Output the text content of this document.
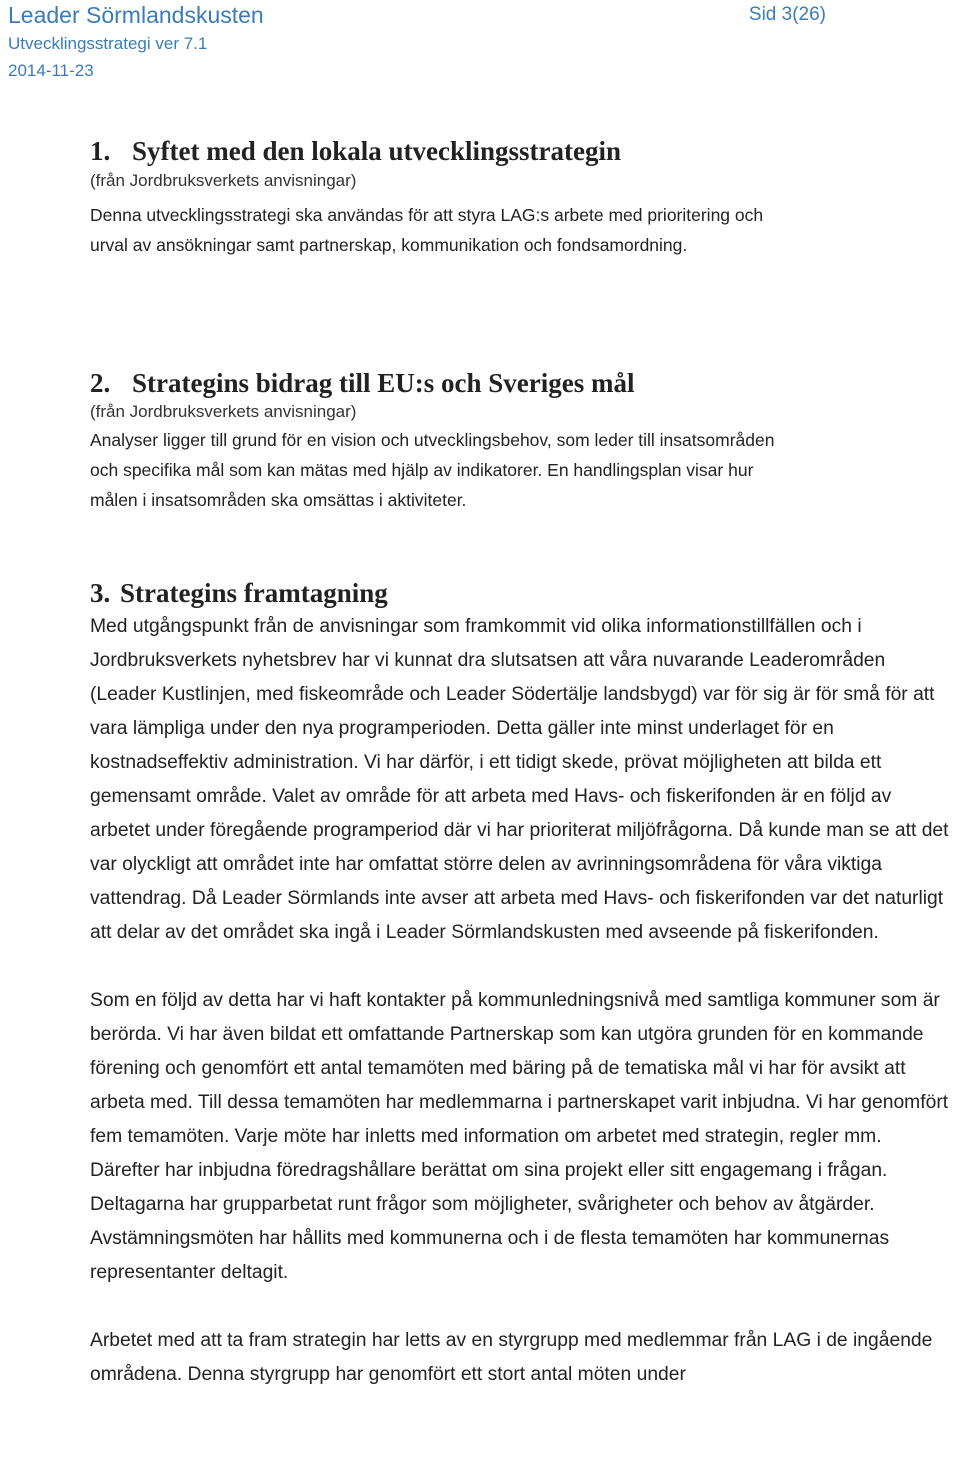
Leader Sörmlandskusten
Utvecklingsstrategi ver 7.1
2014-11-23
Sid 3(26)
1. Syftet med den lokala utvecklingsstrategin
(från Jordbruksverkets anvisningar)
Denna utvecklingsstrategi ska användas för att styra LAG:s arbete med prioritering och urval av ansökningar samt partnerskap, kommunikation och fondsamordning.
2. Strategins bidrag till EU:s och Sveriges mål
(från Jordbruksverkets anvisningar)
Analyser ligger till grund för en vision och utvecklingsbehov, som leder till insatsområden och specifika mål som kan mätas med hjälp av indikatorer. En handlingsplan visar hur målen i insatsområden ska omsättas i aktiviteter.
3. Strategins framtagning

Med utgångspunkt från de anvisningar som framkommit vid olika informationstillfällen och i Jordbruksverkets nyhetsbrev har vi kunnat dra slutsatsen att våra nuvarande Leaderområden (Leader Kustlinjen, med fiskeområde och Leader Södertälje landsbygd) var för sig är för små för att vara lämpliga under den nya programperioden. Detta gäller inte minst underlaget för en kostnadseffektiv administration. Vi har därför, i ett tidigt skede, prövat möjligheten att bilda ett gemensamt område. Valet av område för att arbeta med Havs- och fiskerifonden är en följd av arbetet under föregående programperiod där vi har prioriterat miljöfrågorna. Då kunde man se att det var olyckligt att området inte har omfattat större delen av avrinningsområdena för våra viktiga vattendrag. Då Leader Sörmlands inte avser att arbeta med Havs- och fiskerifonden var det naturligt att delar av det området ska ingå i Leader Sörmlandskusten med avseende på fiskerifonden.

Som en följd av detta har vi haft kontakter på kommunledningsnivå med samtliga kommuner som är berörda. Vi har även bildat ett omfattande Partnerskap som kan utgöra grunden för en kommande förening och genomfört ett antal temamöten med bäring på de tematiska mål vi har för avsikt att arbeta med. Till dessa temamöten har medlemmarna i partnerskapet varit inbjudna. Vi har genomfört fem temamöten. Varje möte har inletts med information om arbetet med strategin, regler mm. Därefter har inbjudna föredragshållare berättat om sina projekt eller sitt engagemang i frågan. Deltagarna har grupparbetat runt frågor som möjligheter, svårigheter och behov av åtgärder. Avstämningsmöten har hållits med kommunerna och i de flesta temamöten har kommunernas representanter deltagit.

Arbetet med att ta fram strategin har letts av en styrgrupp med medlemmar från LAG i de ingående områdena. Denna styrgrupp har genomfört ett stort antal möten under
